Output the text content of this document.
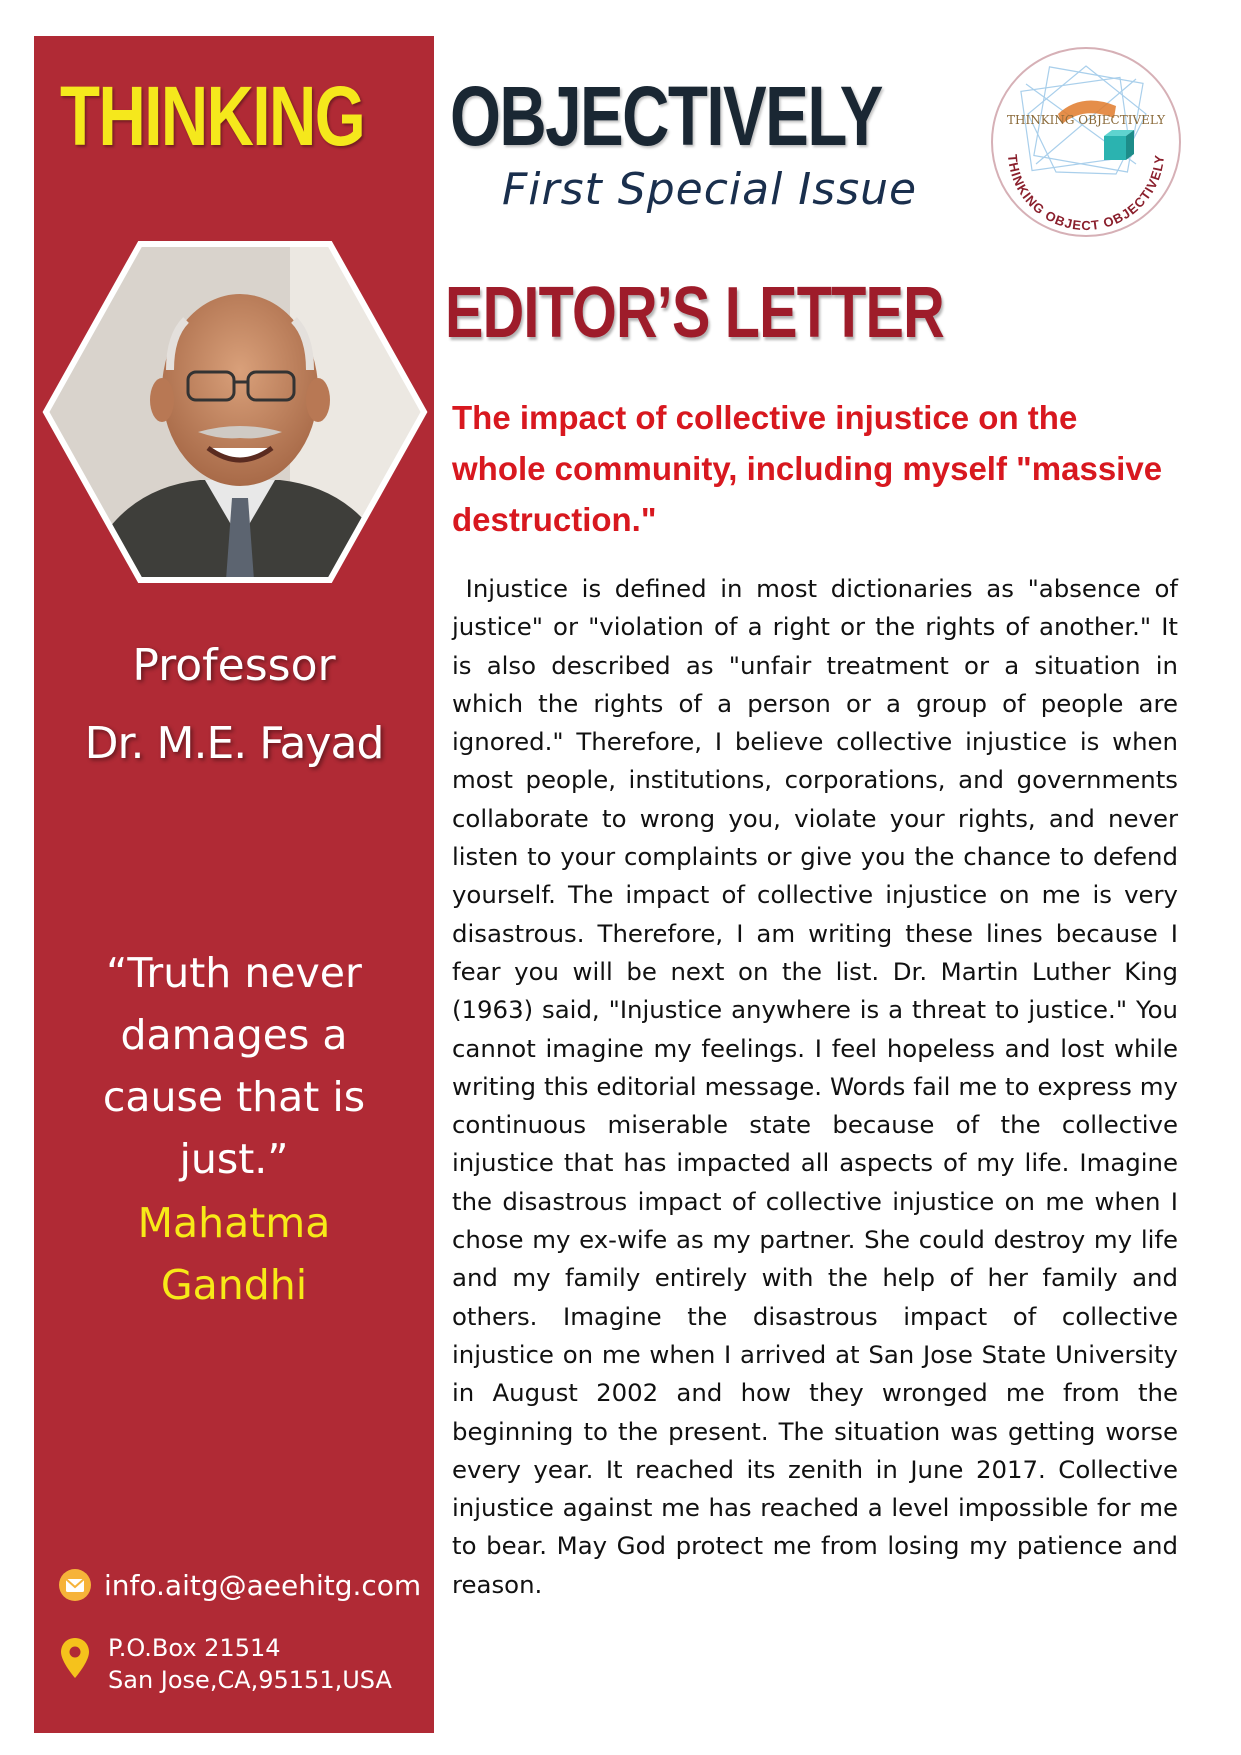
THINKING OBJECTIVELY
First Special Issue
THINKING OBJECTIVELY
THINKING OBJECT OBJECTIVELY
EDITOR’S LETTER
The impact of collective injustice on the whole community, including myself "massive destruction."

Injustice is defined in most dictionaries as "absence of justice" or "violation of a right or the rights of another." It is also described as "unfair treatment or a situation in which the rights of a person or a group of people are ignored." Therefore, I believe collective injustice is when most people, institutions, corporations, and governments collaborate to wrong you, violate your rights, and never listen to your complaints or give you the chance to defend yourself. The impact of collective injustice on me is very disastrous. Therefore, I am writing these lines because I fear you will be next on the list. Dr. Martin Luther King (1963) said, "Injustice anywhere is a threat to justice." You cannot imagine my feelings. I feel hopeless and lost while writing this editorial message. Words fail me to express my continuous miserable state because of the collective injustice that has impacted all aspects of my life. Imagine the disastrous impact of collective injustice on me when I chose my ex-wife as my partner. She could destroy my life and my family entirely with the help of her family and others. Imagine the disastrous impact of collective injustice on me when I arrived at San Jose State University in August 2002 and how they wronged me from the beginning to the present. The situation was getting worse every year. It reached its zenith in June 2017. Collective injustice against me has reached a level impossible for me to bear. May God protect me from losing my patience and reason.

Professor
Dr. M.E. Fayad
“Truth never damages a cause that is just.”
Mahatma Gandhi
info.aitg@aeehitg.com
P.O.Box 21514
San Jose,CA,95151,USA
